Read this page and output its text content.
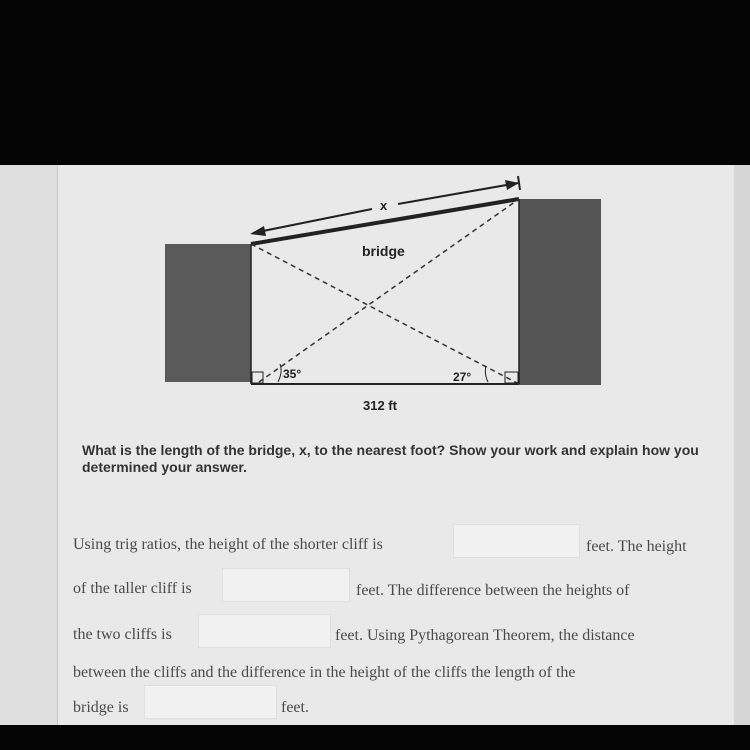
x
bridge
35°	27°
312 ft
What is the length of the bridge, x, to the nearest foot? Show your work and explain how you determined your answer.
Using trig ratios, the height of the shorter cliff is	feet. The height
of the taller cliff is	feet. The difference between the heights of
the two cliffs is	feet. Using Pythagorean Theorem, the distance
between the cliffs and the difference in the height of the cliffs the length of the
bridge is	feet.
